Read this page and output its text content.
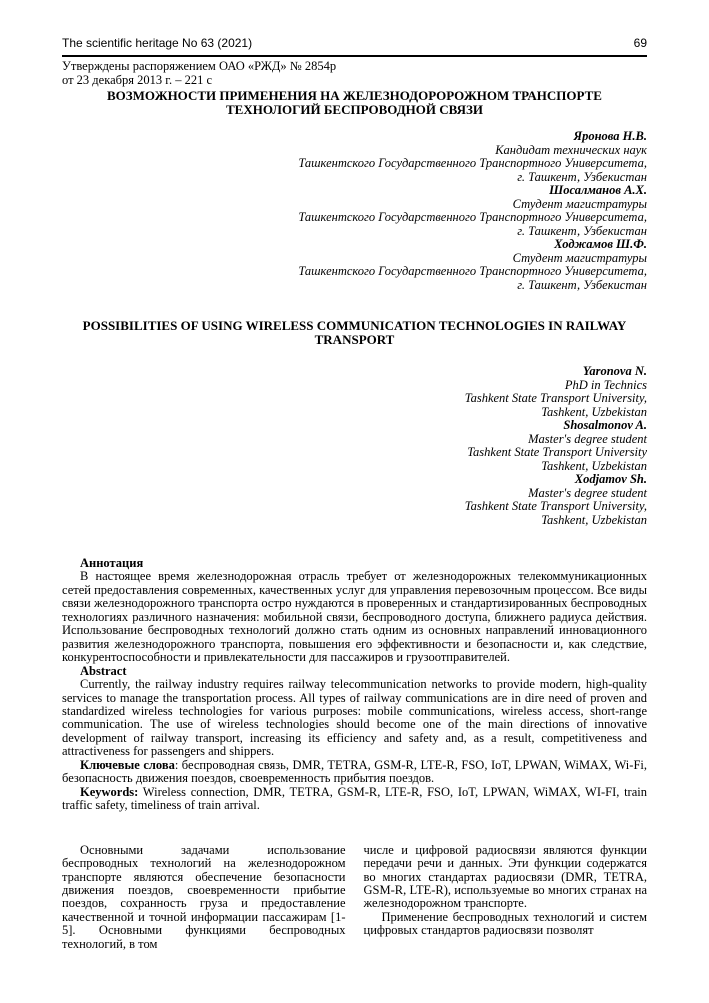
The scientific heritage No 63 (2021)	69
Утверждены распоряжением ОАО «РЖД» № 2854р
от 23 декабря 2013 г. – 221 с
ВОЗМОЖНОСТИ ПРИМЕНЕНИЯ НА ЖЕЛЕЗНОДОРОРОЖНОМ ТРАНСПОРТЕ ТЕХНОЛОГИЙ БЕСПРОВОДНОЙ СВЯЗИ
Яронова Н.В.
Кандидат технических наук
Ташкентского Государственного Транспортного Университета,
г. Ташкент, Узбекистан
Шосалманов А.Х.
Студент магистратуры
Ташкентского Государственного Транспортного Университета,
г. Ташкент, Узбекистан
Ходжамов Ш.Ф.
Студент магистратуры
Ташкентского Государственного Транспортного Университета,
г. Ташкент, Узбекистан
POSSIBILITIES OF USING WIRELESS COMMUNICATION TECHNOLOGIES IN RAILWAY TRANSPORT
Yaronova N.
PhD in Technics
Tashkent State Transport University,
Tashkent, Uzbekistan
Shosalmonov A.
Master's degree student
Tashkent State Transport University
Tashkent, Uzbekistan
Xodjamov Sh.
Master's degree student
Tashkent State Transport University,
Tashkent, Uzbekistan

Аннотация

В настоящее время железнодорожная отрасль требует от железнодорожных телекоммуникационных сетей предоставления современных, качественных услуг для управления перевозочным процессом. Все виды связи железнодорожного транспорта остро нуждаются в проверенных и стандартизированных беспроводных технологиях различного назначения: мобильной связи, беспроводного доступа, ближнего радиуса действия. Использование беспроводных технологий должно стать одним из основных направлений инновационного развития железнодорожного транспорта, повышения его эффективности и безопасности и, как следствие, конкурентоспособности и привлекательности для пассажиров и грузоотправителей.

Abstract

Currently, the railway industry requires railway telecommunication networks to provide modern, high-quality services to manage the transportation process. All types of railway communications are in dire need of proven and standardized wireless technologies for various purposes: mobile communications, wireless access, short-range communication. The use of wireless technologies should become one of the main directions of innovative development of railway transport, increasing its efficiency and safety and, as a result, competitiveness and attractiveness for passengers and shippers.

Ключевые слова: беспроводная связь, DMR, TETRA, GSM-R, LTE-R, FSO, IoT, LPWAN, WiMAX, Wi-Fi, безопасность движения поездов, своевременность прибытия поездов.

Keywords: Wireless connection, DMR, TETRA, GSM-R, LTE-R, FSO, IoT, LPWAN, WiMAX, WI-FI, train traffic safety, timeliness of train arrival.

Основными задачами использование беспроводных технологий на железнодорожном транспорте являются обеспечение безопасности движения поездов, своевременности прибытие поездов, сохранность груза и предоставление качественной и точной информации пассажирам [1-5]. Основными функциями беспроводных технологий, в том

числе и цифровой радиосвязи являются функции передачи речи и данных. Эти функции содержатся во многих стандартах радиосвязи (DMR, TETRA, GSM-R, LTE-R), используемые во многих странах на железнодорожном транспорте.

Применение беспроводных технологий и систем цифровых стандартов радиосвязи позволят
